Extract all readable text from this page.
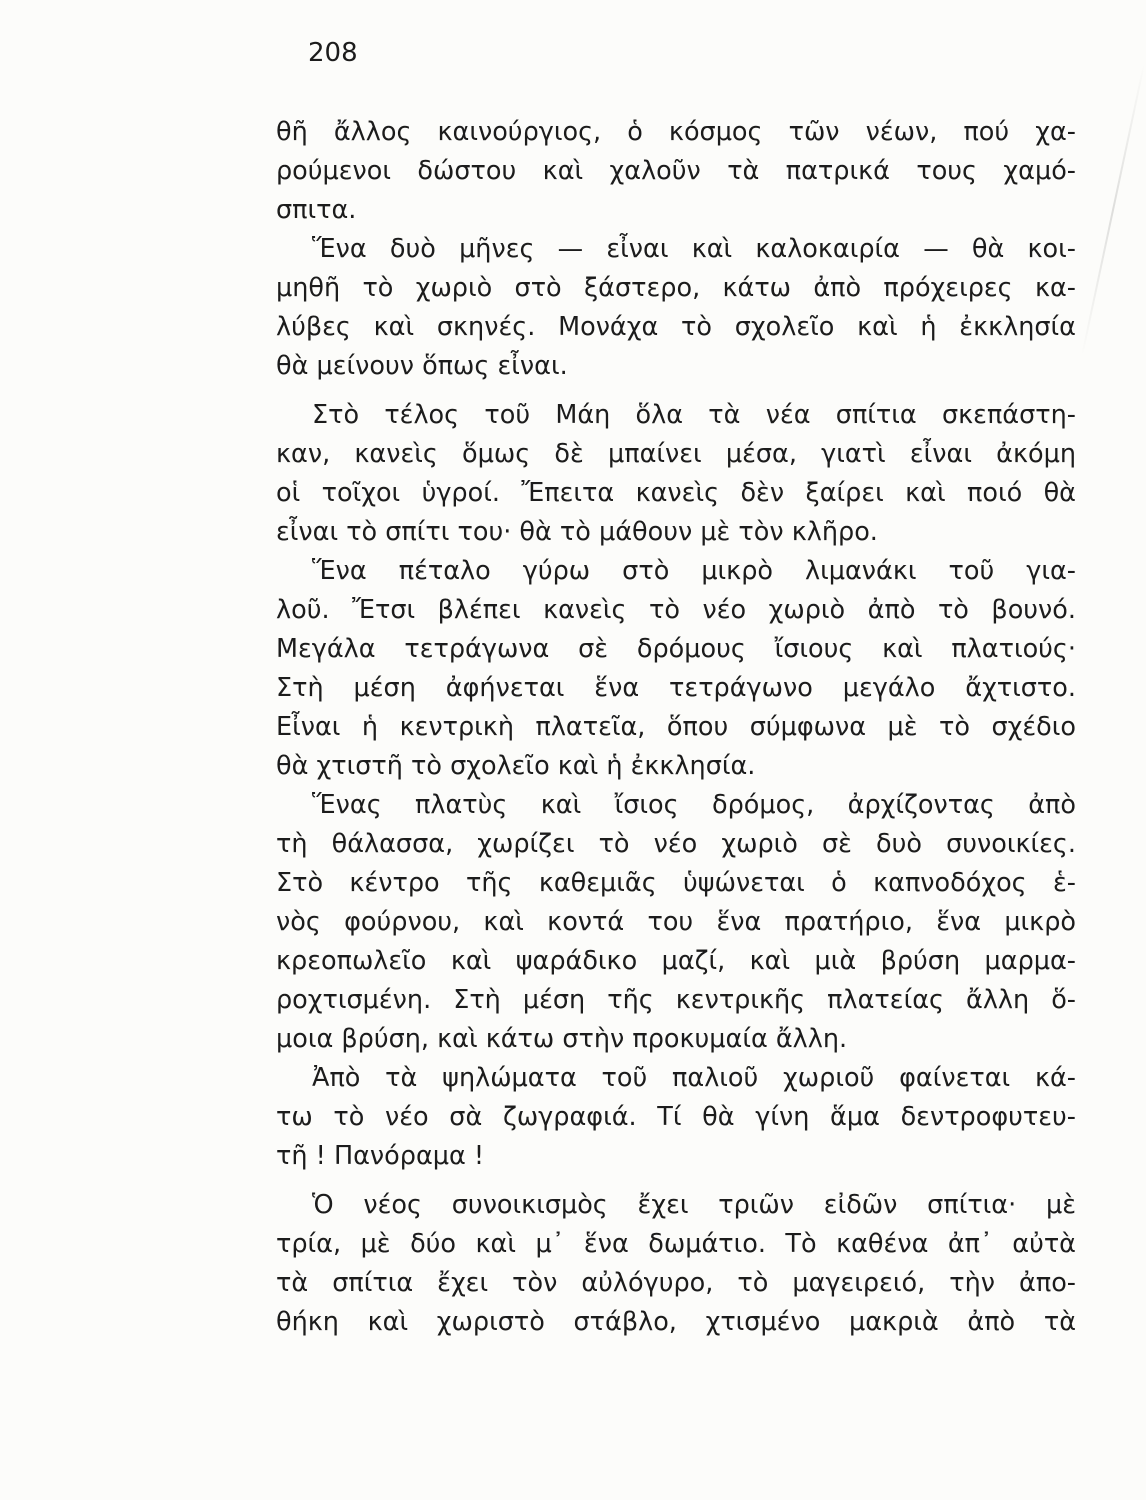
208
θῆ ἄλλος καινούργιος, ὁ κόσμος τῶν νέων, πού χα-
ρούμενοι δώστου καὶ χαλοῦν τὰ πατρικά τους χαμό-
σπιτα.
Ἕνα δυὸ μῆνες — εἶναι καὶ καλοκαιρία — θὰ κοι-
μηθῆ τὸ χωριὸ στὸ ξάστερο, κάτω ἀπὸ πρόχειρες κα-
λύβες καὶ σκηνές. Μονάχα τὸ σχολεῖο καὶ ἡ ἐκκλησία
θὰ μείνουν ὅπως εἶναι.
Στὸ τέλος τοῦ Μάη ὅλα τὰ νέα σπίτια σκεπάστη-
καν, κανεὶς ὅμως δὲ μπαίνει μέσα, γιατὶ εἶναι ἀκόμη
οἱ τοῖχοι ὑγροί. Ἔπειτα κανεὶς δὲν ξαίρει καὶ ποιό θὰ
εἶναι τὸ σπίτι του· θὰ τὸ μάθουν μὲ τὸν κλῆρο.
Ἕνα πέταλο γύρω στὸ μικρὸ λιμανάκι τοῦ για-
λοῦ. Ἔτσι βλέπει κανεὶς τὸ νέο χωριὸ ἀπὸ τὸ βουνό.
Μεγάλα τετράγωνα σὲ δρόμους ἴσιους καὶ πλατιούς·
Στὴ μέση ἀφήνεται ἕνα τετράγωνο μεγάλο ἄχτιστο.
Εἶναι ἡ κεντρικὴ πλατεῖα, ὅπου σύμφωνα μὲ τὸ σχέδιο
θὰ χτιστῆ τὸ σχολεῖο καὶ ἡ ἐκκλησία.
Ἕνας πλατὺς καὶ ἴσιος δρόμος, ἀρχίζοντας ἀπὸ
τὴ θάλασσα, χωρίζει τὸ νέο χωριὸ σὲ δυὸ συνοικίες.
Στὸ κέντρο τῆς καθεμιᾶς ὑψώνεται ὁ καπνοδόχος ἑ-
νὸς φούρνου, καὶ κοντά του ἕνα πρατήριο, ἕνα μικρὸ
κρεοπωλεῖο καὶ ψαράδικο μαζί, καὶ μιὰ βρύση μαρμα-
ροχτισμένη. Στὴ μέση τῆς κεντρικῆς πλατείας ἄλλη ὅ-
μοια βρύση, καὶ κάτω στὴν προκυμαία ἄλλη.
Ἀπὸ τὰ ψηλώματα τοῦ παλιοῦ χωριοῦ φαίνεται κά-
τω τὸ νέο σὰ ζωγραφιά. Τί θὰ γίνη ἅμα δεντροφυτευ-
τῆ ! Πανόραμα !
Ὁ νέος συνοικισμὸς ἔχει τριῶν εἰδῶν σπίτια· μὲ
τρία, μὲ δύο καὶ μ᾽ ἕνα δωμάτιο. Τὸ καθένα ἀπ᾽ αὐτὰ
τὰ σπίτια ἔχει τὸν αὐλόγυρο, τὸ μαγειρειό, τὴν ἀπο-
θήκη καὶ χωριστὸ στάβλο, χτισμένο μακριὰ ἀπὸ τὰ
